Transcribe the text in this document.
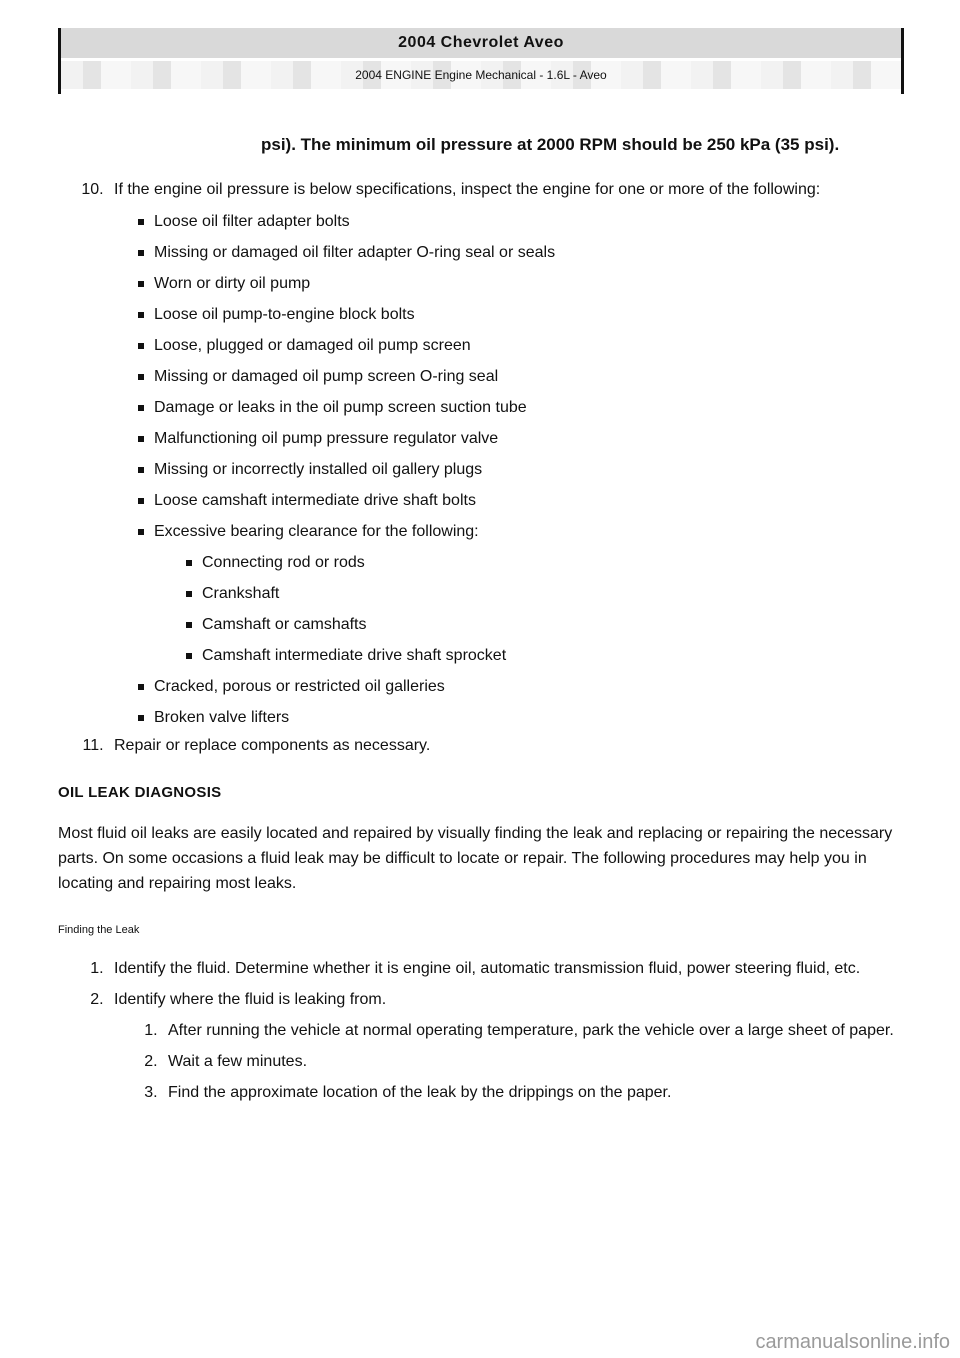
2004 Chevrolet Aveo
2004 ENGINE Engine Mechanical - 1.6L - Aveo
psi). The minimum oil pressure at 2000 RPM should be 250 kPa (35 psi).
10. If the engine oil pressure is below specifications, inspect the engine for one or more of the following:
Loose oil filter adapter bolts
Missing or damaged oil filter adapter O-ring seal or seals
Worn or dirty oil pump
Loose oil pump-to-engine block bolts
Loose, plugged or damaged oil pump screen
Missing or damaged oil pump screen O-ring seal
Damage or leaks in the oil pump screen suction tube
Malfunctioning oil pump pressure regulator valve
Missing or incorrectly installed oil gallery plugs
Loose camshaft intermediate drive shaft bolts
Excessive bearing clearance for the following:
Connecting rod or rods
Crankshaft
Camshaft or camshafts
Camshaft intermediate drive shaft sprocket
Cracked, porous or restricted oil galleries
Broken valve lifters
11. Repair or replace components as necessary.
OIL LEAK DIAGNOSIS
Most fluid oil leaks are easily located and repaired by visually finding the leak and replacing or repairing the necessary parts. On some occasions a fluid leak may be difficult to locate or repair. The following procedures may help you in locating and repairing most leaks.
Finding the Leak
1. Identify the fluid. Determine whether it is engine oil, automatic transmission fluid, power steering fluid, etc.
2. Identify where the fluid is leaking from.
1. After running the vehicle at normal operating temperature, park the vehicle over a large sheet of paper.
2. Wait a few minutes.
3. Find the approximate location of the leak by the drippings on the paper.
carmanualsonline.info
